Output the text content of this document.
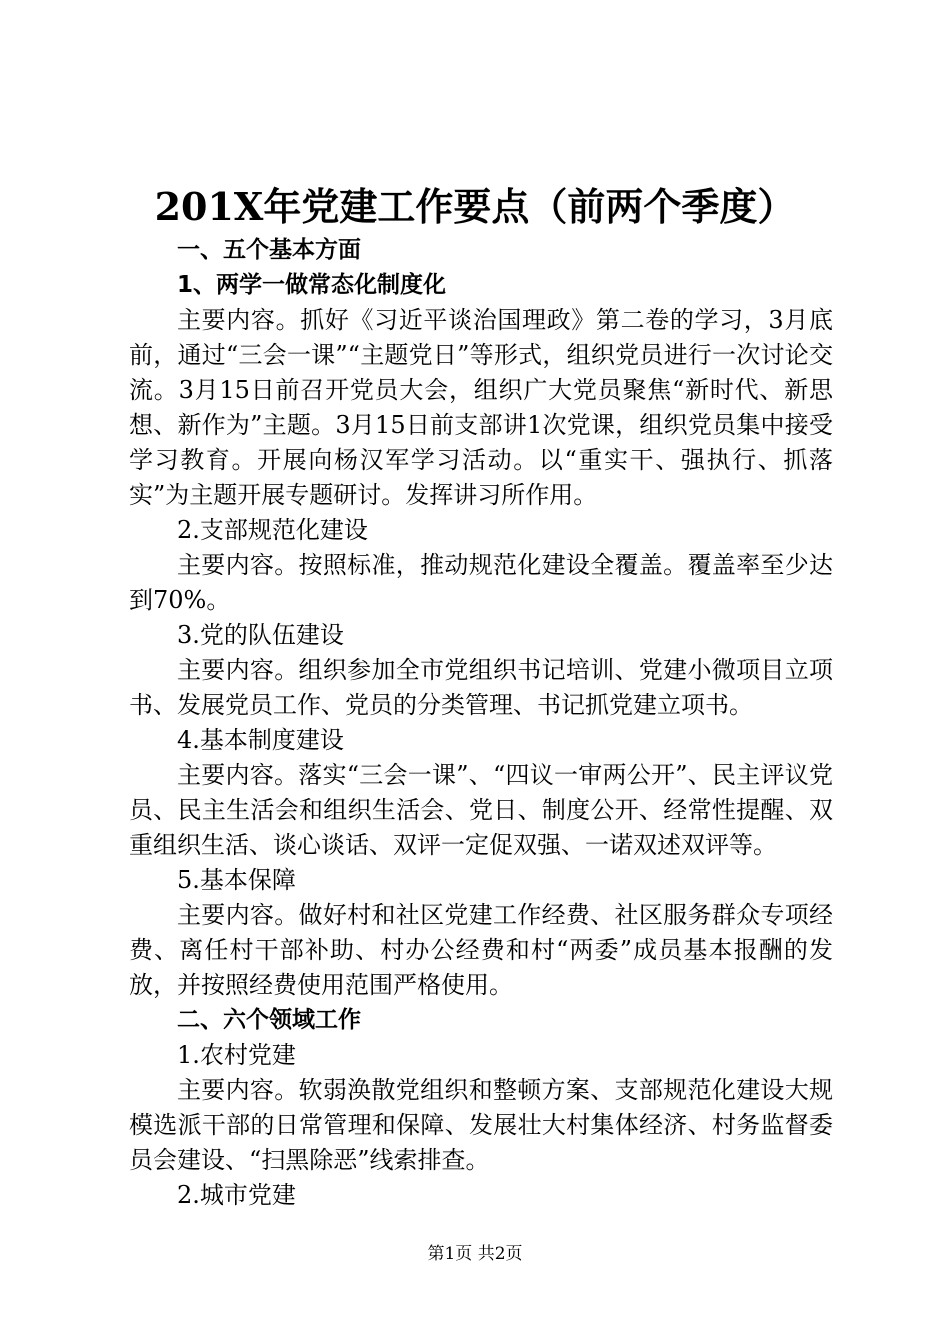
201X年党建工作要点（前两个季度）

一、五个基本方面

1、两学一做常态化制度化

主要内容。抓好《习近平谈治国理政》第二卷的学习，3月底前，通过“三会一课”“主题党日”等形式，组织党员进行一次讨论交流。3月15日前召开党员大会，组织广大党员聚焦“新时代、新思想、新作为”主题。3月15日前支部讲1次党课，组织党员集中接受学习教育。开展向杨汉军学习活动。以“重实干、强执行、抓落实”为主题开展专题研讨。发挥讲习所作用。

2.支部规范化建设

主要内容。按照标准，推动规范化建设全覆盖。覆盖率至少达到70%。

3.党的队伍建设

主要内容。组织参加全市党组织书记培训、党建小微项目立项书、发展党员工作、党员的分类管理、书记抓党建立项书。

4.基本制度建设

主要内容。落实“三会一课”、“四议一审两公开”、民主评议党员、民主生活会和组织生活会、党日、制度公开、经常性提醒、双重组织生活、谈心谈话、双评一定促双强、一诺双述双评等。

5.基本保障

主要内容。做好村和社区党建工作经费、社区服务群众专项经费、离任村干部补助、村办公经费和村“两委”成员基本报酬的发放，并按照经费使用范围严格使用。

二、六个领域工作

1.农村党建

主要内容。软弱涣散党组织和整顿方案、支部规范化建设大规模选派干部的日常管理和保障、发展壮大村集体经济、村务监督委员会建设、“扫黑除恶”线索排查。

2.城市党建

第1页 共2页
